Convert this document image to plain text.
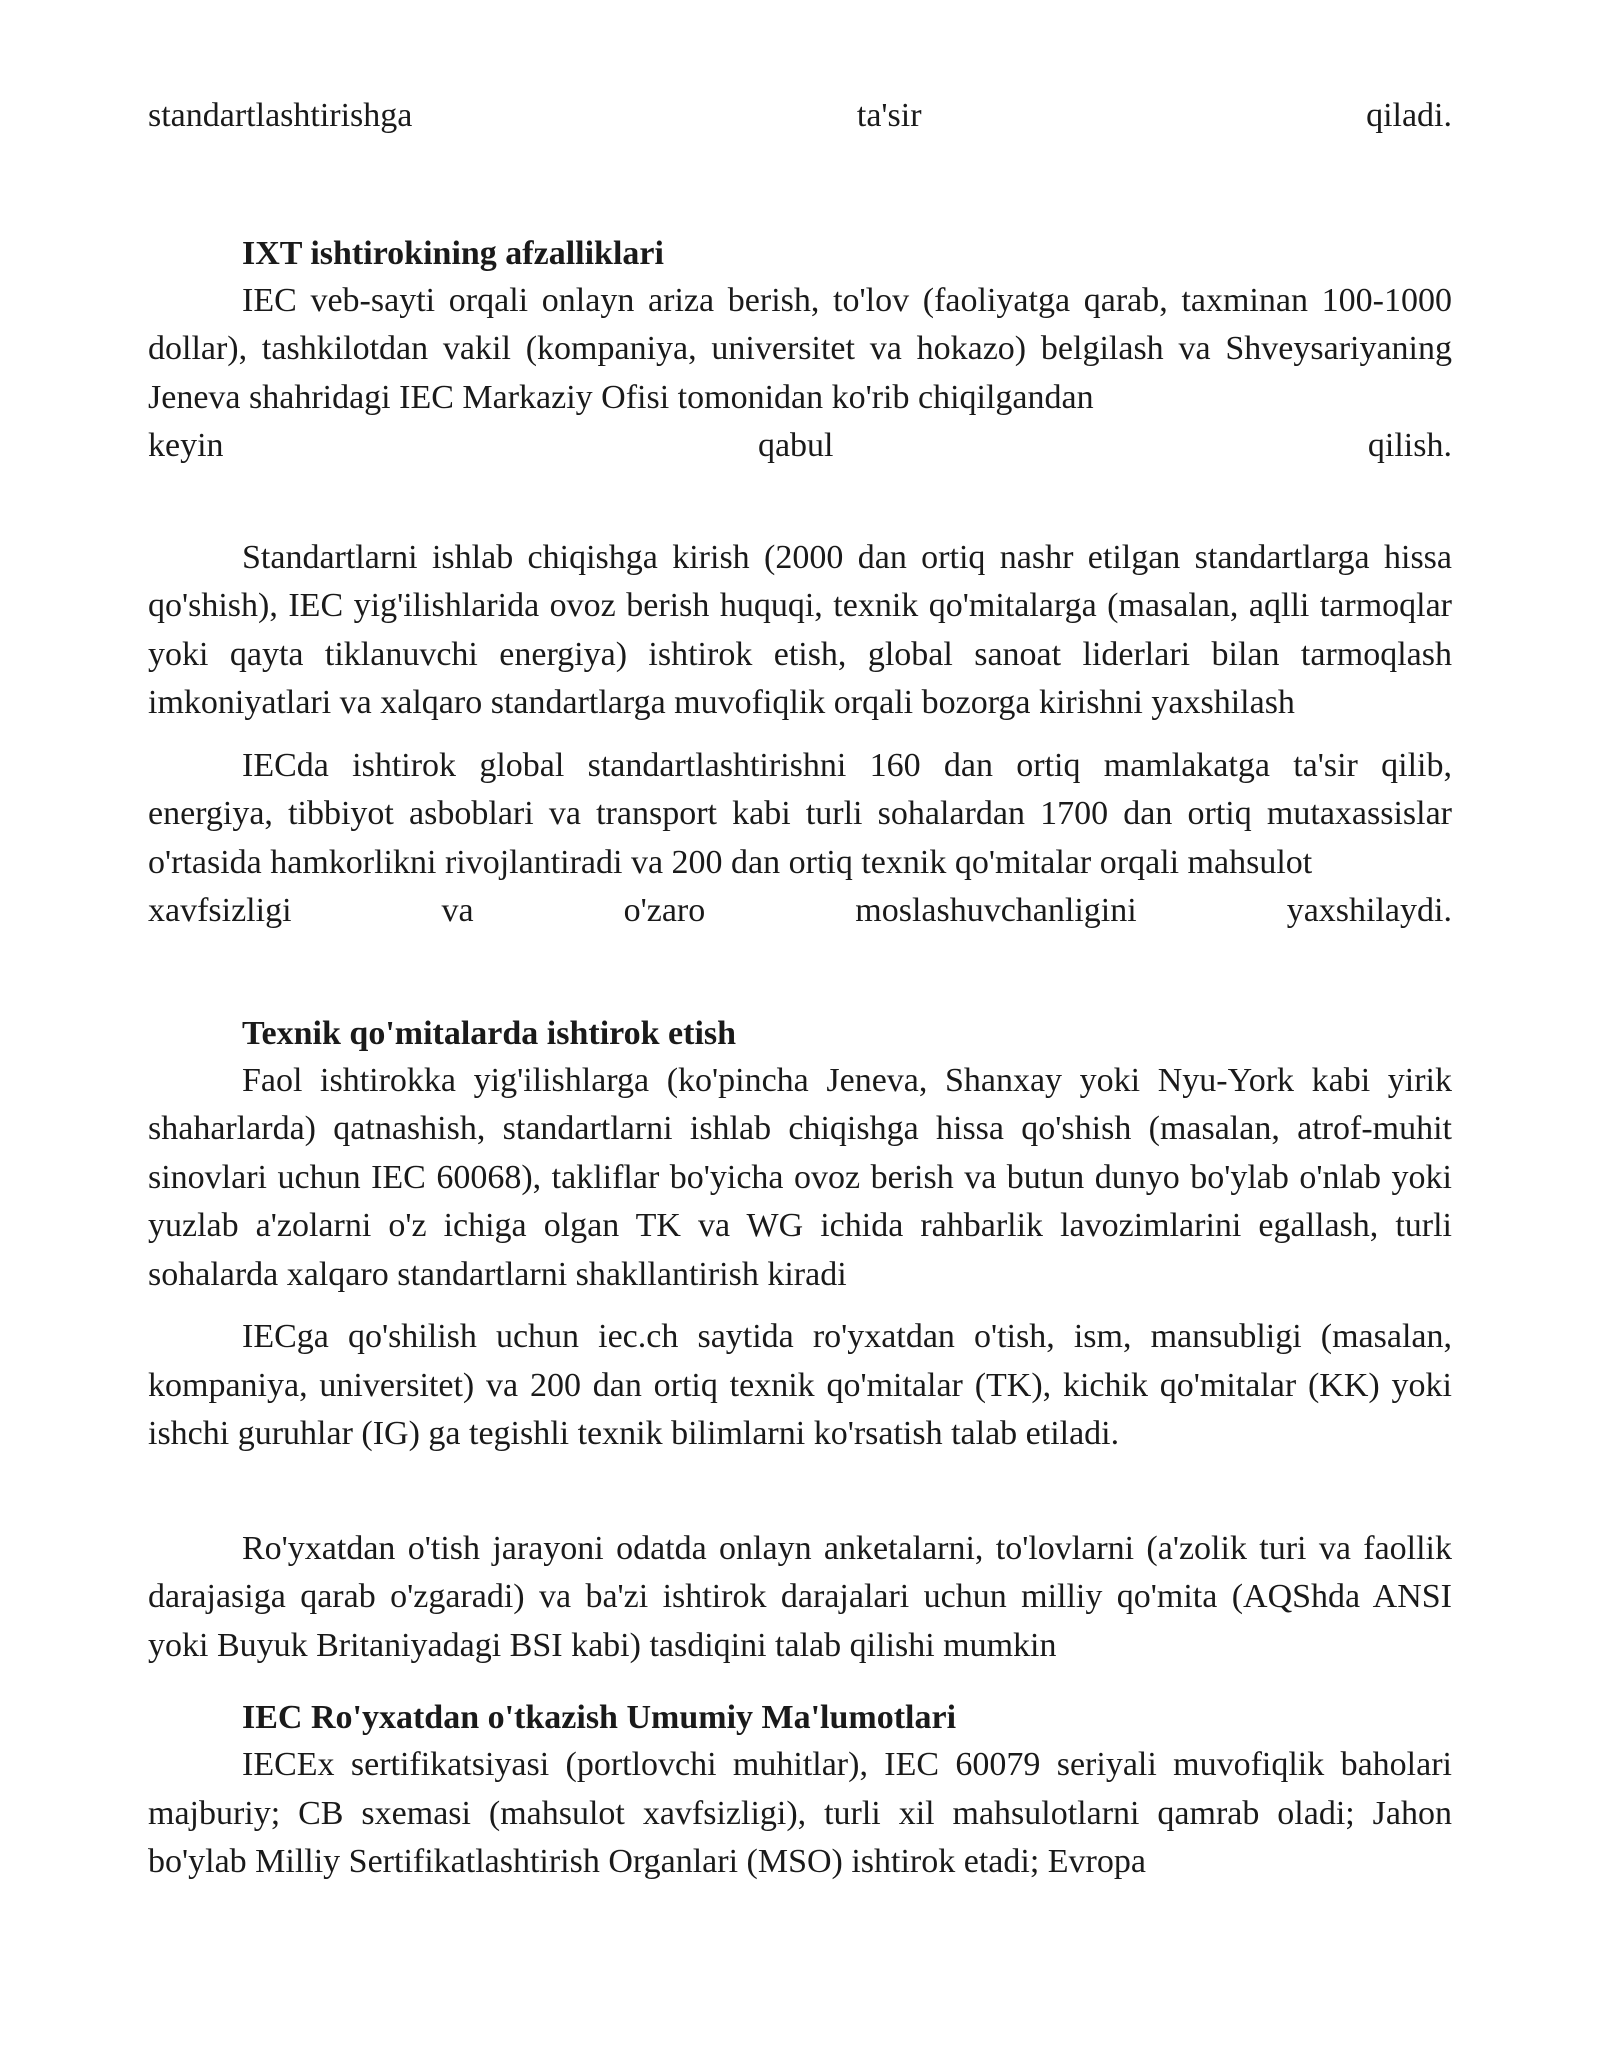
standartlashtirishga	ta'sir	qiladi.
IXT ishtirokining afzalliklari

IEC veb-sayti orqali onlayn ariza berish, to'lov (faoliyatga qarab, taxminan 100-1000 dollar), tashkilotdan vakil (kompaniya, universitet va hokazo) belgilash va Shveysariyaning Jeneva shahridagi IEC Markaziy Ofisi tomonidan ko'rib chiqilgandan

keyin	qabul	qilish.

Standartlarni ishlab chiqishga kirish (2000 dan ortiq nashr etilgan standartlarga hissa qo'shish), IEC yig'ilishlarida ovoz berish huquqi, texnik qo'mitalarga (masalan, aqlli tarmoqlar yoki qayta tiklanuvchi energiya) ishtirok etish, global sanoat liderlari bilan tarmoqlash imkoniyatlari va xalqaro standartlarga muvofiqlik orqali bozorga kirishni yaxshilash

IECda ishtirok global standartlashtirishni 160 dan ortiq mamlakatga ta'sir qilib, energiya, tibbiyot asboblari va transport kabi turli sohalardan 1700 dan ortiq mutaxassislar o'rtasida hamkorlikni rivojlantiradi va 200 dan ortiq texnik qo'mitalar orqali mahsulot

xavfsizligi	va	o'zaro	moslashuvchanligini	yaxshilaydi.
Texnik qo'mitalarda ishtirok etish

Faol ishtirokka yig'ilishlarga (ko'pincha Jeneva, Shanxay yoki Nyu-York kabi yirik shaharlarda) qatnashish, standartlarni ishlab chiqishga hissa qo'shish (masalan, atrof-muhit sinovlari uchun IEC 60068), takliflar bo'yicha ovoz berish va butun dunyo bo'ylab o'nlab yoki yuzlab a'zolarni o'z ichiga olgan TK va WG ichida rahbarlik lavozimlarini egallash, turli sohalarda xalqaro standartlarni shakllantirish kiradi

IECga qo'shilish uchun iec.ch saytida ro'yxatdan o'tish, ism, mansubligi (masalan, kompaniya, universitet) va 200 dan ortiq texnik qo'mitalar (TK), kichik qo'mitalar (KK) yoki ishchi guruhlar (IG) ga tegishli texnik bilimlarni ko'rsatish talab etiladi.

Ro'yxatdan o'tish jarayoni odatda onlayn anketalarni, to'lovlarni (a'zolik turi va faollik darajasiga qarab o'zgaradi) va ba'zi ishtirok darajalari uchun milliy qo'mita (AQShda ANSI yoki Buyuk Britaniyadagi BSI kabi) tasdiqini talab qilishi mumkin

IEC Ro'yxatdan o'tkazish Umumiy Ma'lumotlari

IECEx sertifikatsiyasi (portlovchi muhitlar), IEC 60079 seriyali muvofiqlik baholari majburiy; CB sxemasi (mahsulot xavfsizligi), turli xil mahsulotlarni qamrab oladi; Jahon bo'ylab Milliy Sertifikatlashtirish Organlari (MSO) ishtirok etadi; Evropa
